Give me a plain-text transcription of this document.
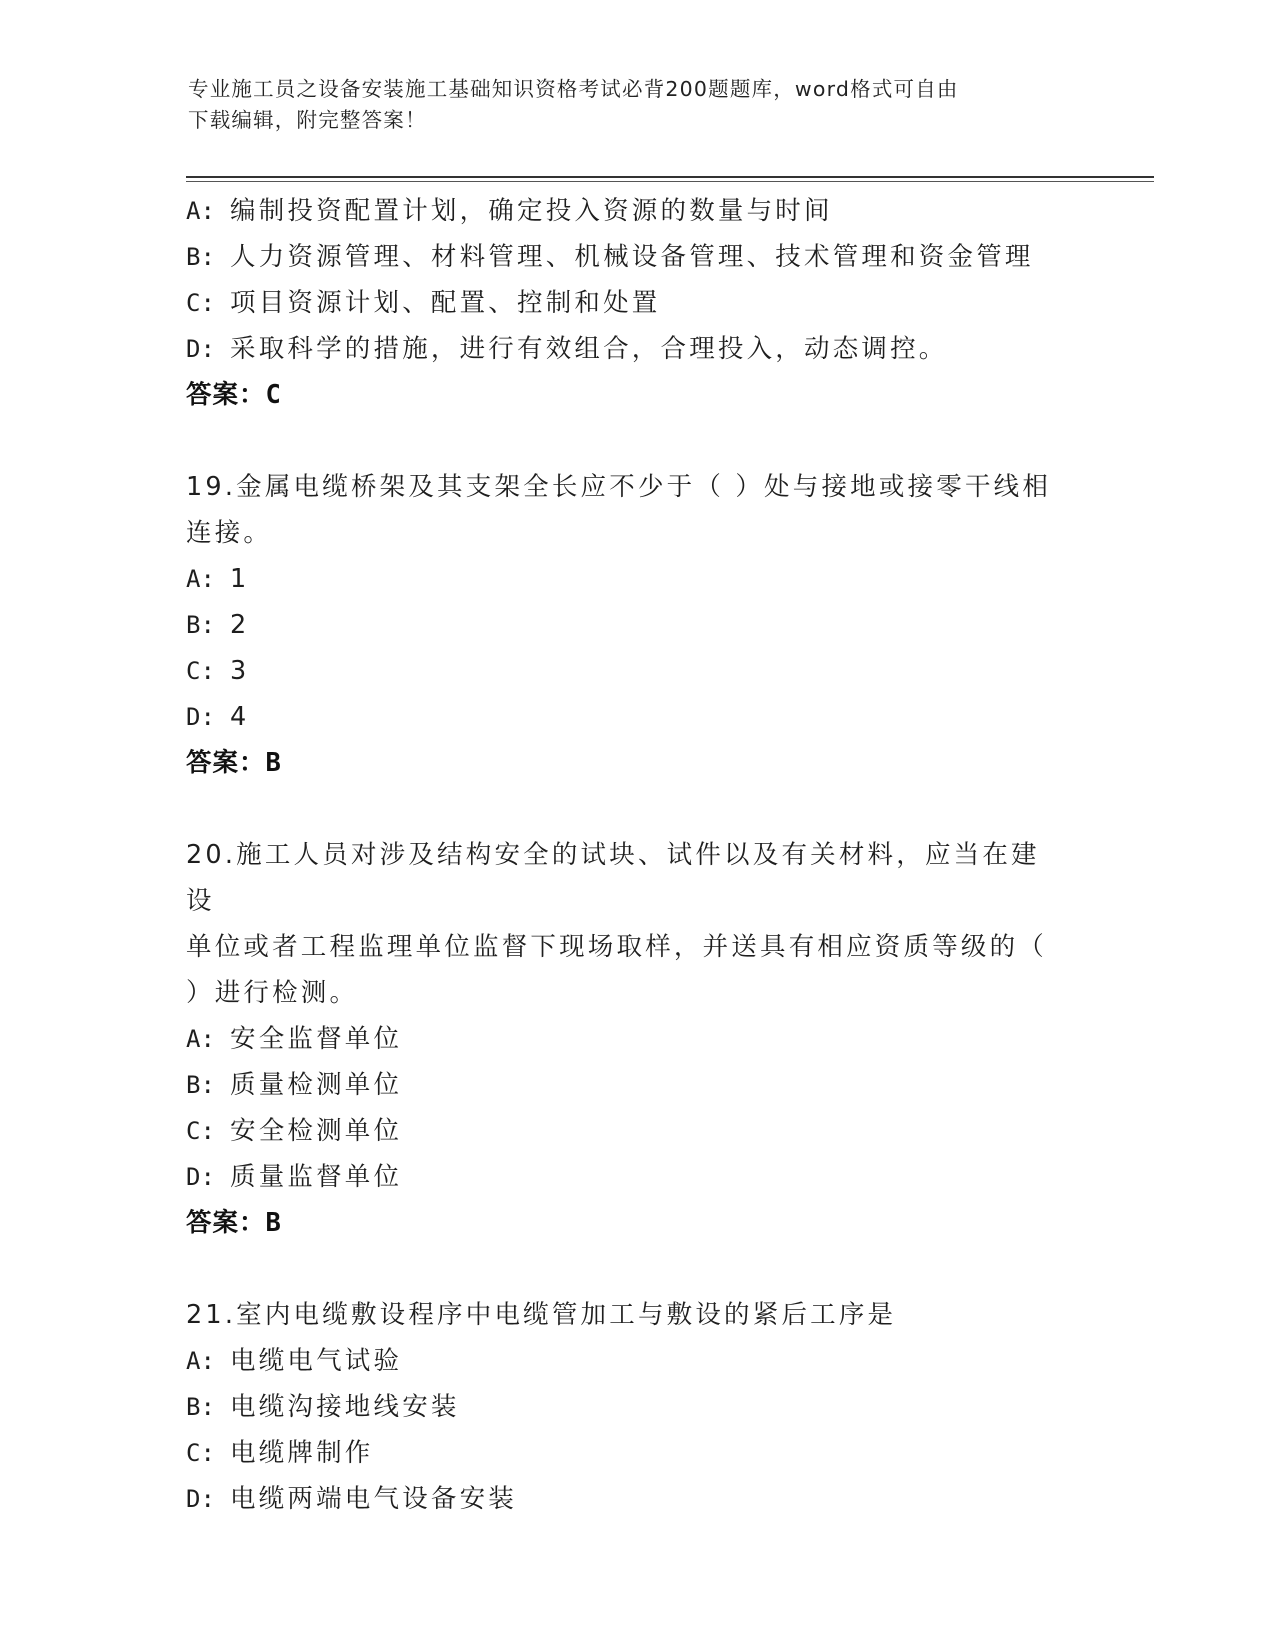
专业施工员之设备安装施工基础知识资格考试必背200题题库，word格式可自由
下载编辑，附完整答案！
A: 编制投资配置计划，确定投入资源的数量与时间
B: 人力资源管理、材料管理、机械设备管理、技术管理和资金管理
C: 项目资源计划、配置、控制和处置
D: 采取科学的措施，进行有效组合，合理投入，动态调控。
答案：C
19.金属电缆桥架及其支架全长应不少于（ ）处与接地或接零干线相
连接。
A: 1
B: 2
C: 3
D: 4
答案：B
20.施工人员对涉及结构安全的试块、试件以及有关材料，应当在建设
单位或者工程监理单位监督下现场取样，并送具有相应资质等级的（
）进行检测。
A: 安全监督单位
B: 质量检测单位
C: 安全检测单位
D: 质量监督单位
答案：B
21.室内电缆敷设程序中电缆管加工与敷设的紧后工序是
A: 电缆电气试验
B: 电缆沟接地线安装
C: 电缆牌制作
D: 电缆两端电气设备安装
